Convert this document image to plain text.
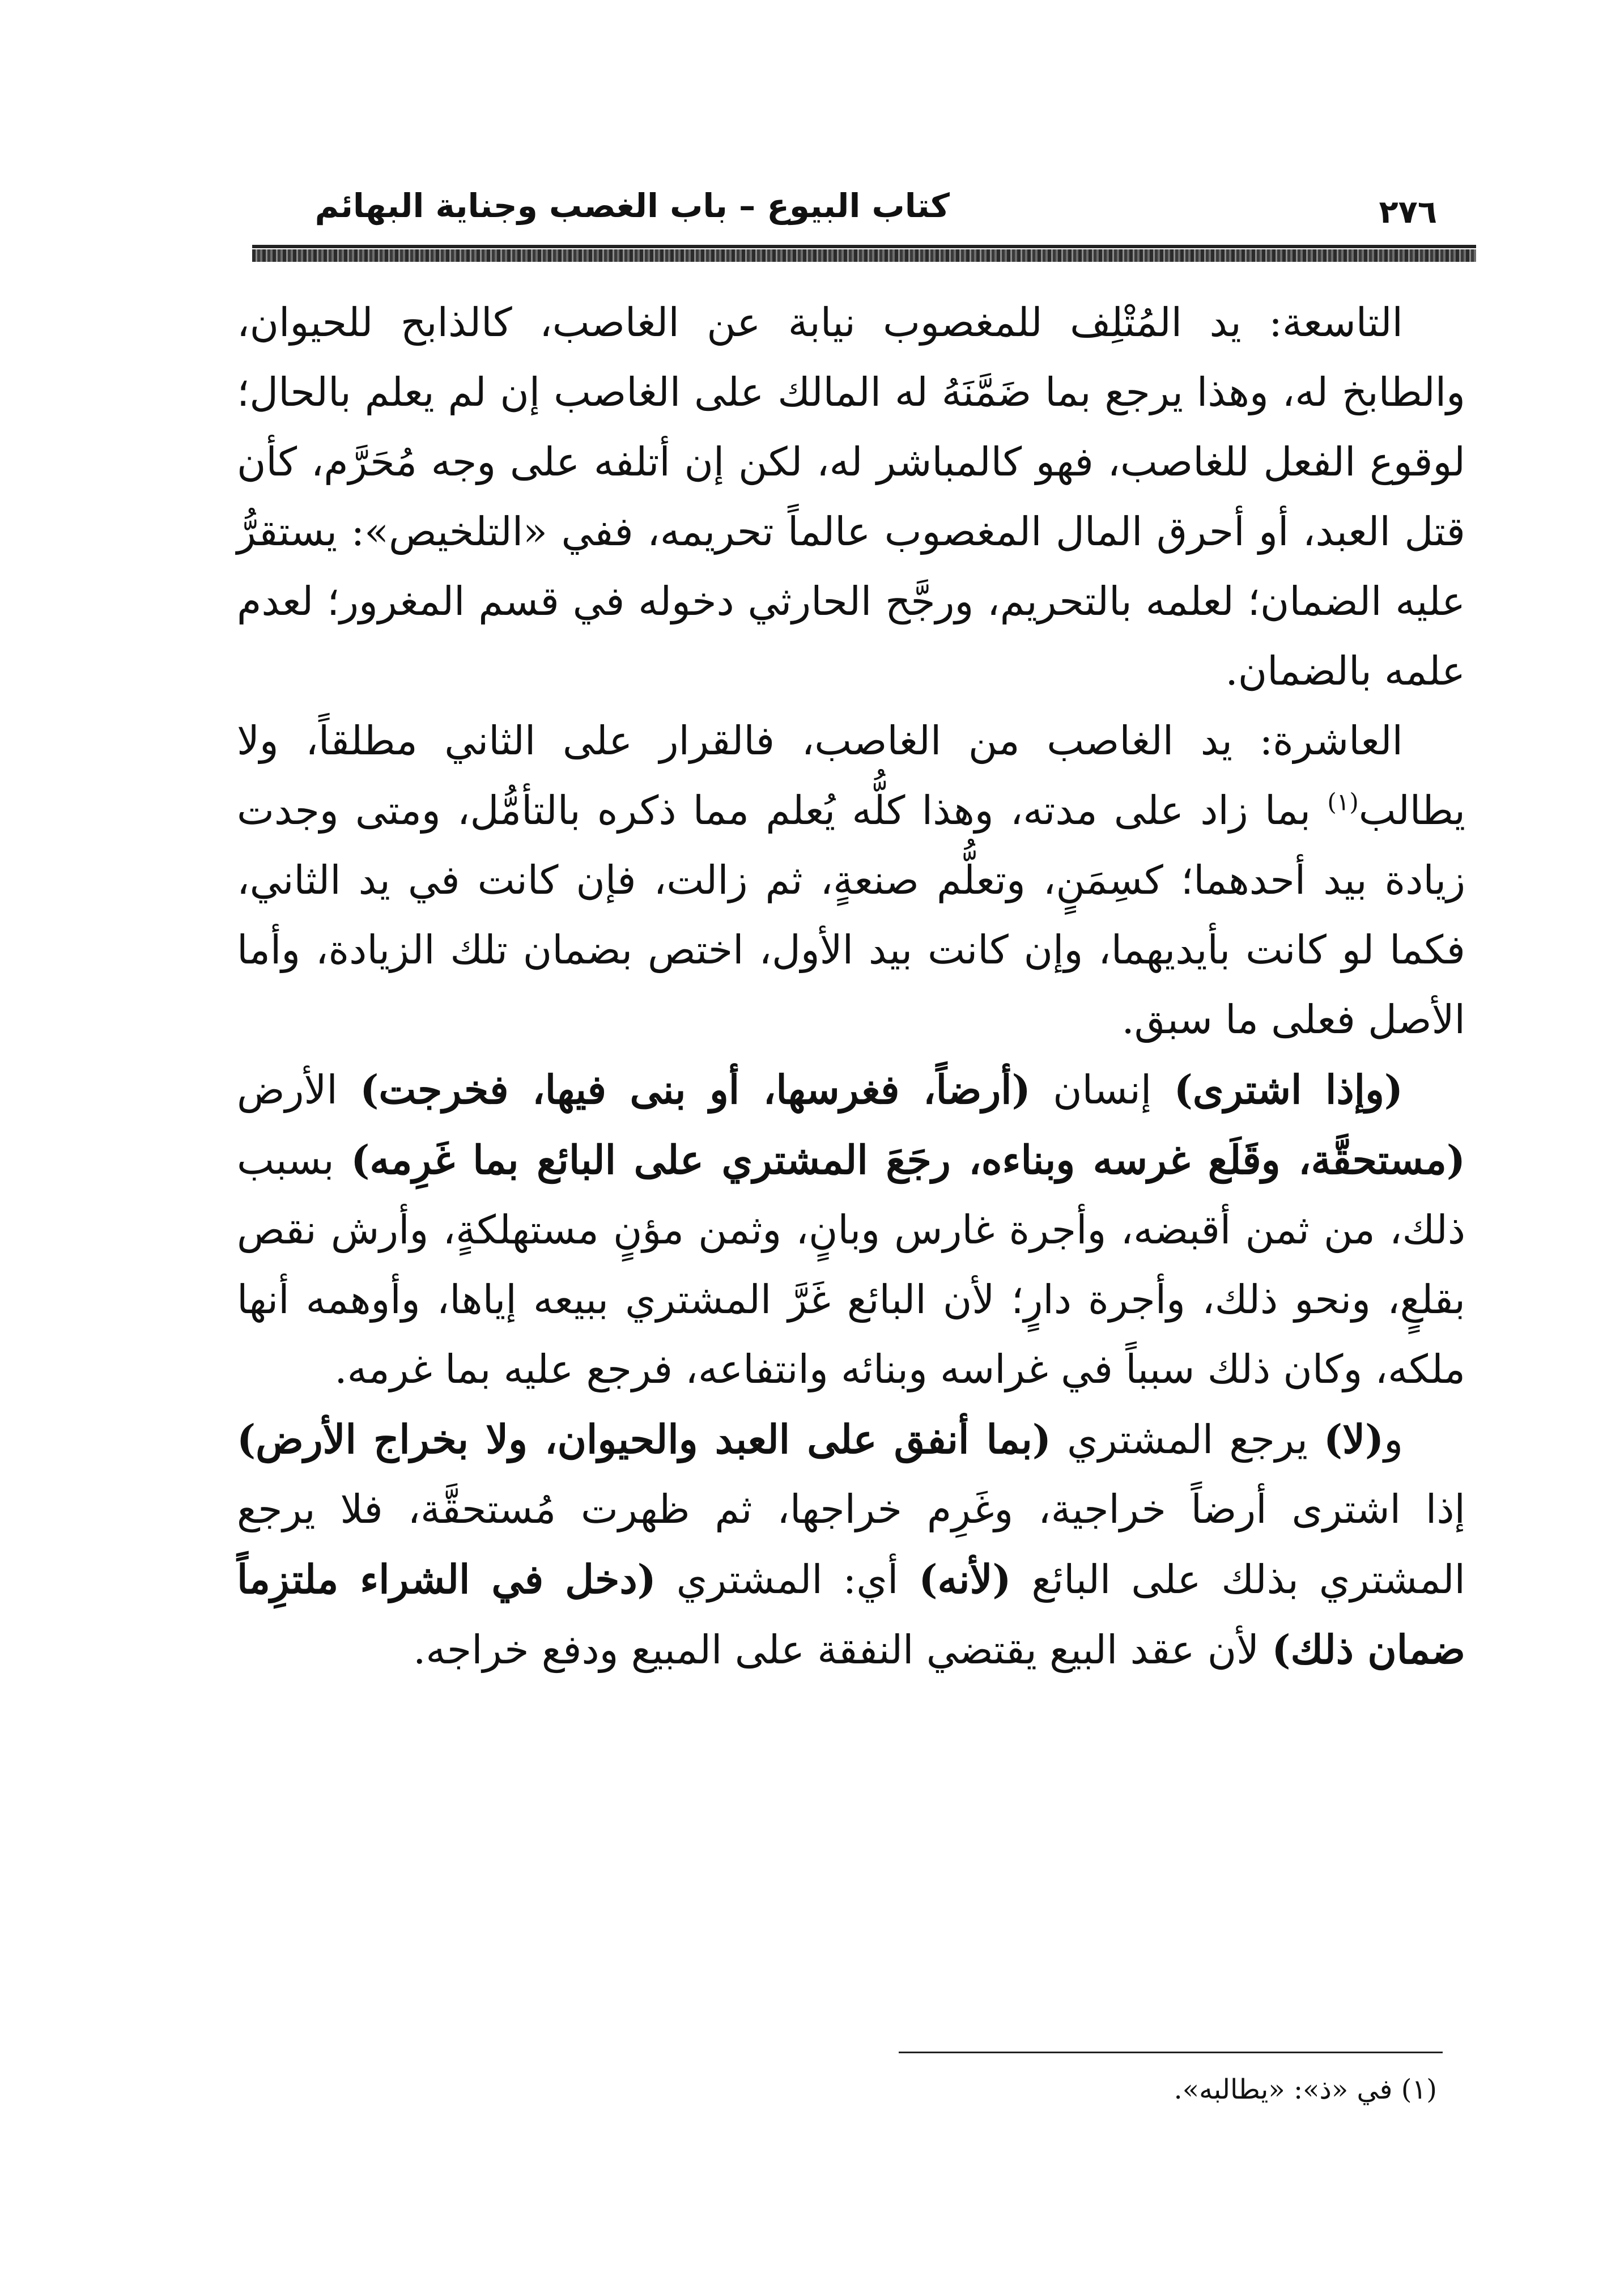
كتاب البيوع – باب الغصب وجناية البهائم	٢٧٦

التاسعة: يد المُتْلِف للمغصوب نيابة عن الغاصب، كالذابح للحيوان، والطابخ له، وهذا يرجع بما ضَمَّنَهُ له المالك على الغاصب إن لم يعلم بالحال؛ لوقوع الفعل للغاصب، فهو كالمباشر له، لكن إن أتلفه على وجه مُحَرَّم، كأن قتل العبد، أو أحرق المال المغصوب عالماً تحريمه، ففي «التلخيص»: يستقرُّ عليه الضمان؛ لعلمه بالتحريم، ورجَّح الحارثي دخوله في قسم المغرور؛ لعدم علمه بالضمان.

العاشرة: يد الغاصب من الغاصب، فالقرار على الثاني مطلقاً، ولا يطالب$^{(١)}$ بما زاد على مدته، وهذا كلُّه يُعلم مما ذكره بالتأمُّل، ومتى وجدت زيادة بيد أحدهما؛ كسِمَنٍ، وتعلُّم صنعةٍ، ثم زالت، فإن كانت في يد الثاني، فكما لو كانت بأيديهما، وإن كانت بيد الأول، اختص بضمان تلك الزيادة، وأما الأصل فعلى ما سبق.

(وإذا اشترى) إنسان (أرضاً، فغرسها، أو بنى فيها، فخرجت) الأرض (مستحقَّة، وقَلَع غرسه وبناءه، رجَعَ المشتري على البائع بما غَرِمه) بسبب ذلك، من ثمن أقبضه، وأجرة غارس وبانٍ، وثمن مؤنٍ مستهلكةٍ، وأرش نقص بقلعٍ، ونحو ذلك، وأجرة دارٍ؛ لأن البائع غَرَّ المشتري ببيعه إياها، وأوهمه أنها ملكه، وكان ذلك سبباً في غراسه وبنائه وانتفاعه، فرجع عليه بما غرمه.

و(لا) يرجع المشتري (بما أنفق على العبد والحيوان، ولا بخراج الأرض) إذا اشترى أرضاً خراجية، وغَرِم خراجها، ثم ظهرت مُستحقَّة، فلا يرجع المشتري بذلك على البائع (لأنه) أي: المشتري (دخل في الشراء ملتزِماً ضمان ذلك) لأن عقد البيع يقتضي النفقة على المبيع ودفع خراجه.

(١) في «ذ»: «يطالبه».
